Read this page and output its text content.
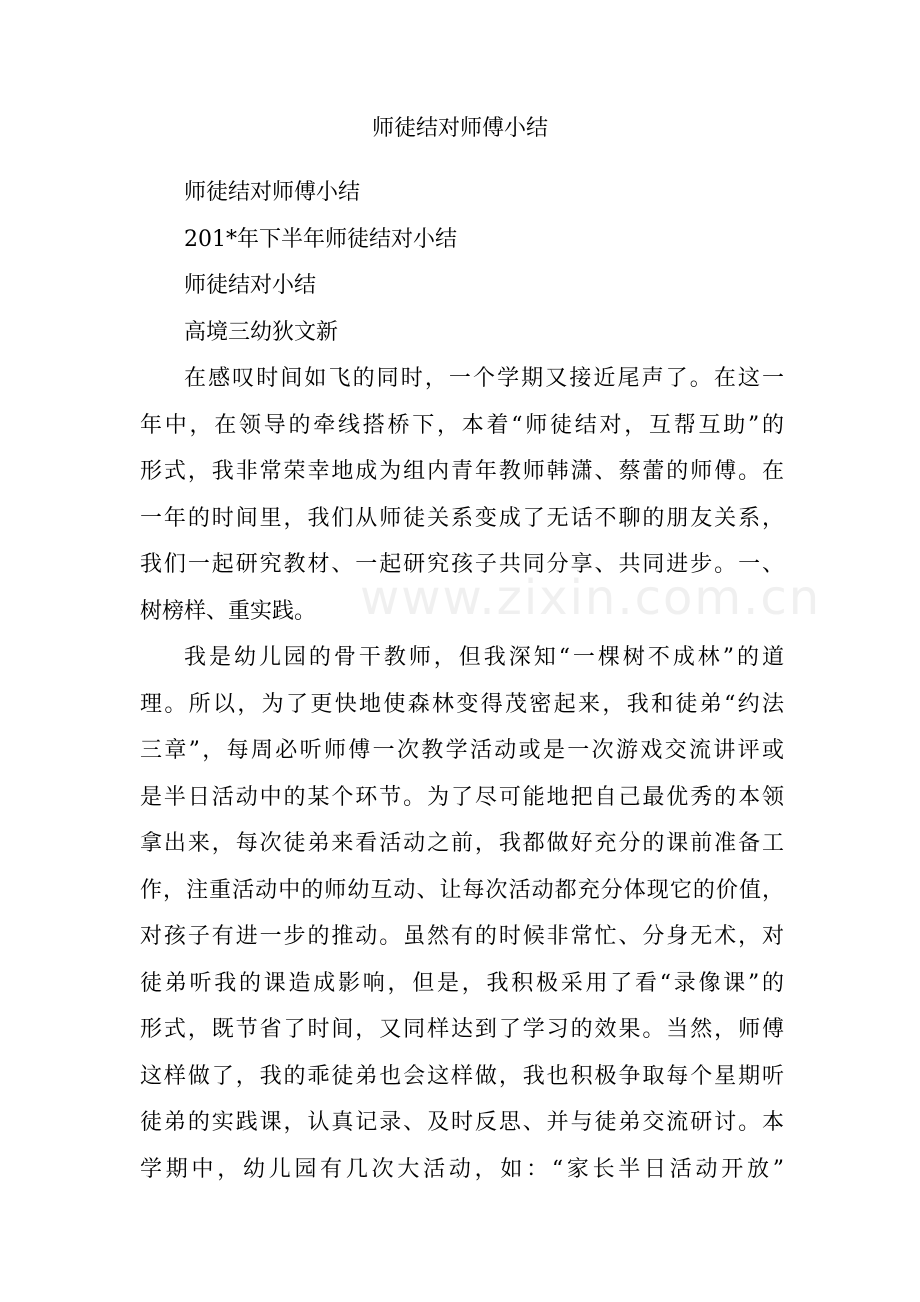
www.zixin.com.cn
师徒结对师傅小结

师徒结对师傅小结

201*年下半年师徒结对小结

师徒结对小结

高境三幼狄文新

在感叹时间如飞的同时，一个学期又接近尾声了。在这一

年中，在领导的牵线搭桥下，本着“师徒结对，互帮互助”的

形式，我非常荣幸地成为组内青年教师韩潇、蔡蕾的师傅。在

一年的时间里，我们从师徒关系变成了无话不聊的朋友关系，

我们一起研究教材、一起研究孩子共同分享、共同进步。一、

树榜样、重实践。

我是幼儿园的骨干教师，但我深知“一棵树不成林”的道

理。所以，为了更快地使森林变得茂密起来，我和徒弟“约法

三章”，每周必听师傅一次教学活动或是一次游戏交流讲评或

是半日活动中的某个环节。为了尽可能地把自己最优秀的本领

拿出来，每次徒弟来看活动之前，我都做好充分的课前准备工

作，注重活动中的师幼互动、让每次活动都充分体现它的价值，

对孩子有进一步的推动。虽然有的时候非常忙、分身无术，对

徒弟听我的课造成影响，但是，我积极采用了看“录像课”的

形式，既节省了时间，又同样达到了学习的效果。当然，师傅

这样做了，我的乖徒弟也会这样做，我也积极争取每个星期听

徒弟的实践课，认真记录、及时反思、并与徒弟交流研讨。本

学期中，幼儿园有几次大活动，如：“家长半日活动开放”
